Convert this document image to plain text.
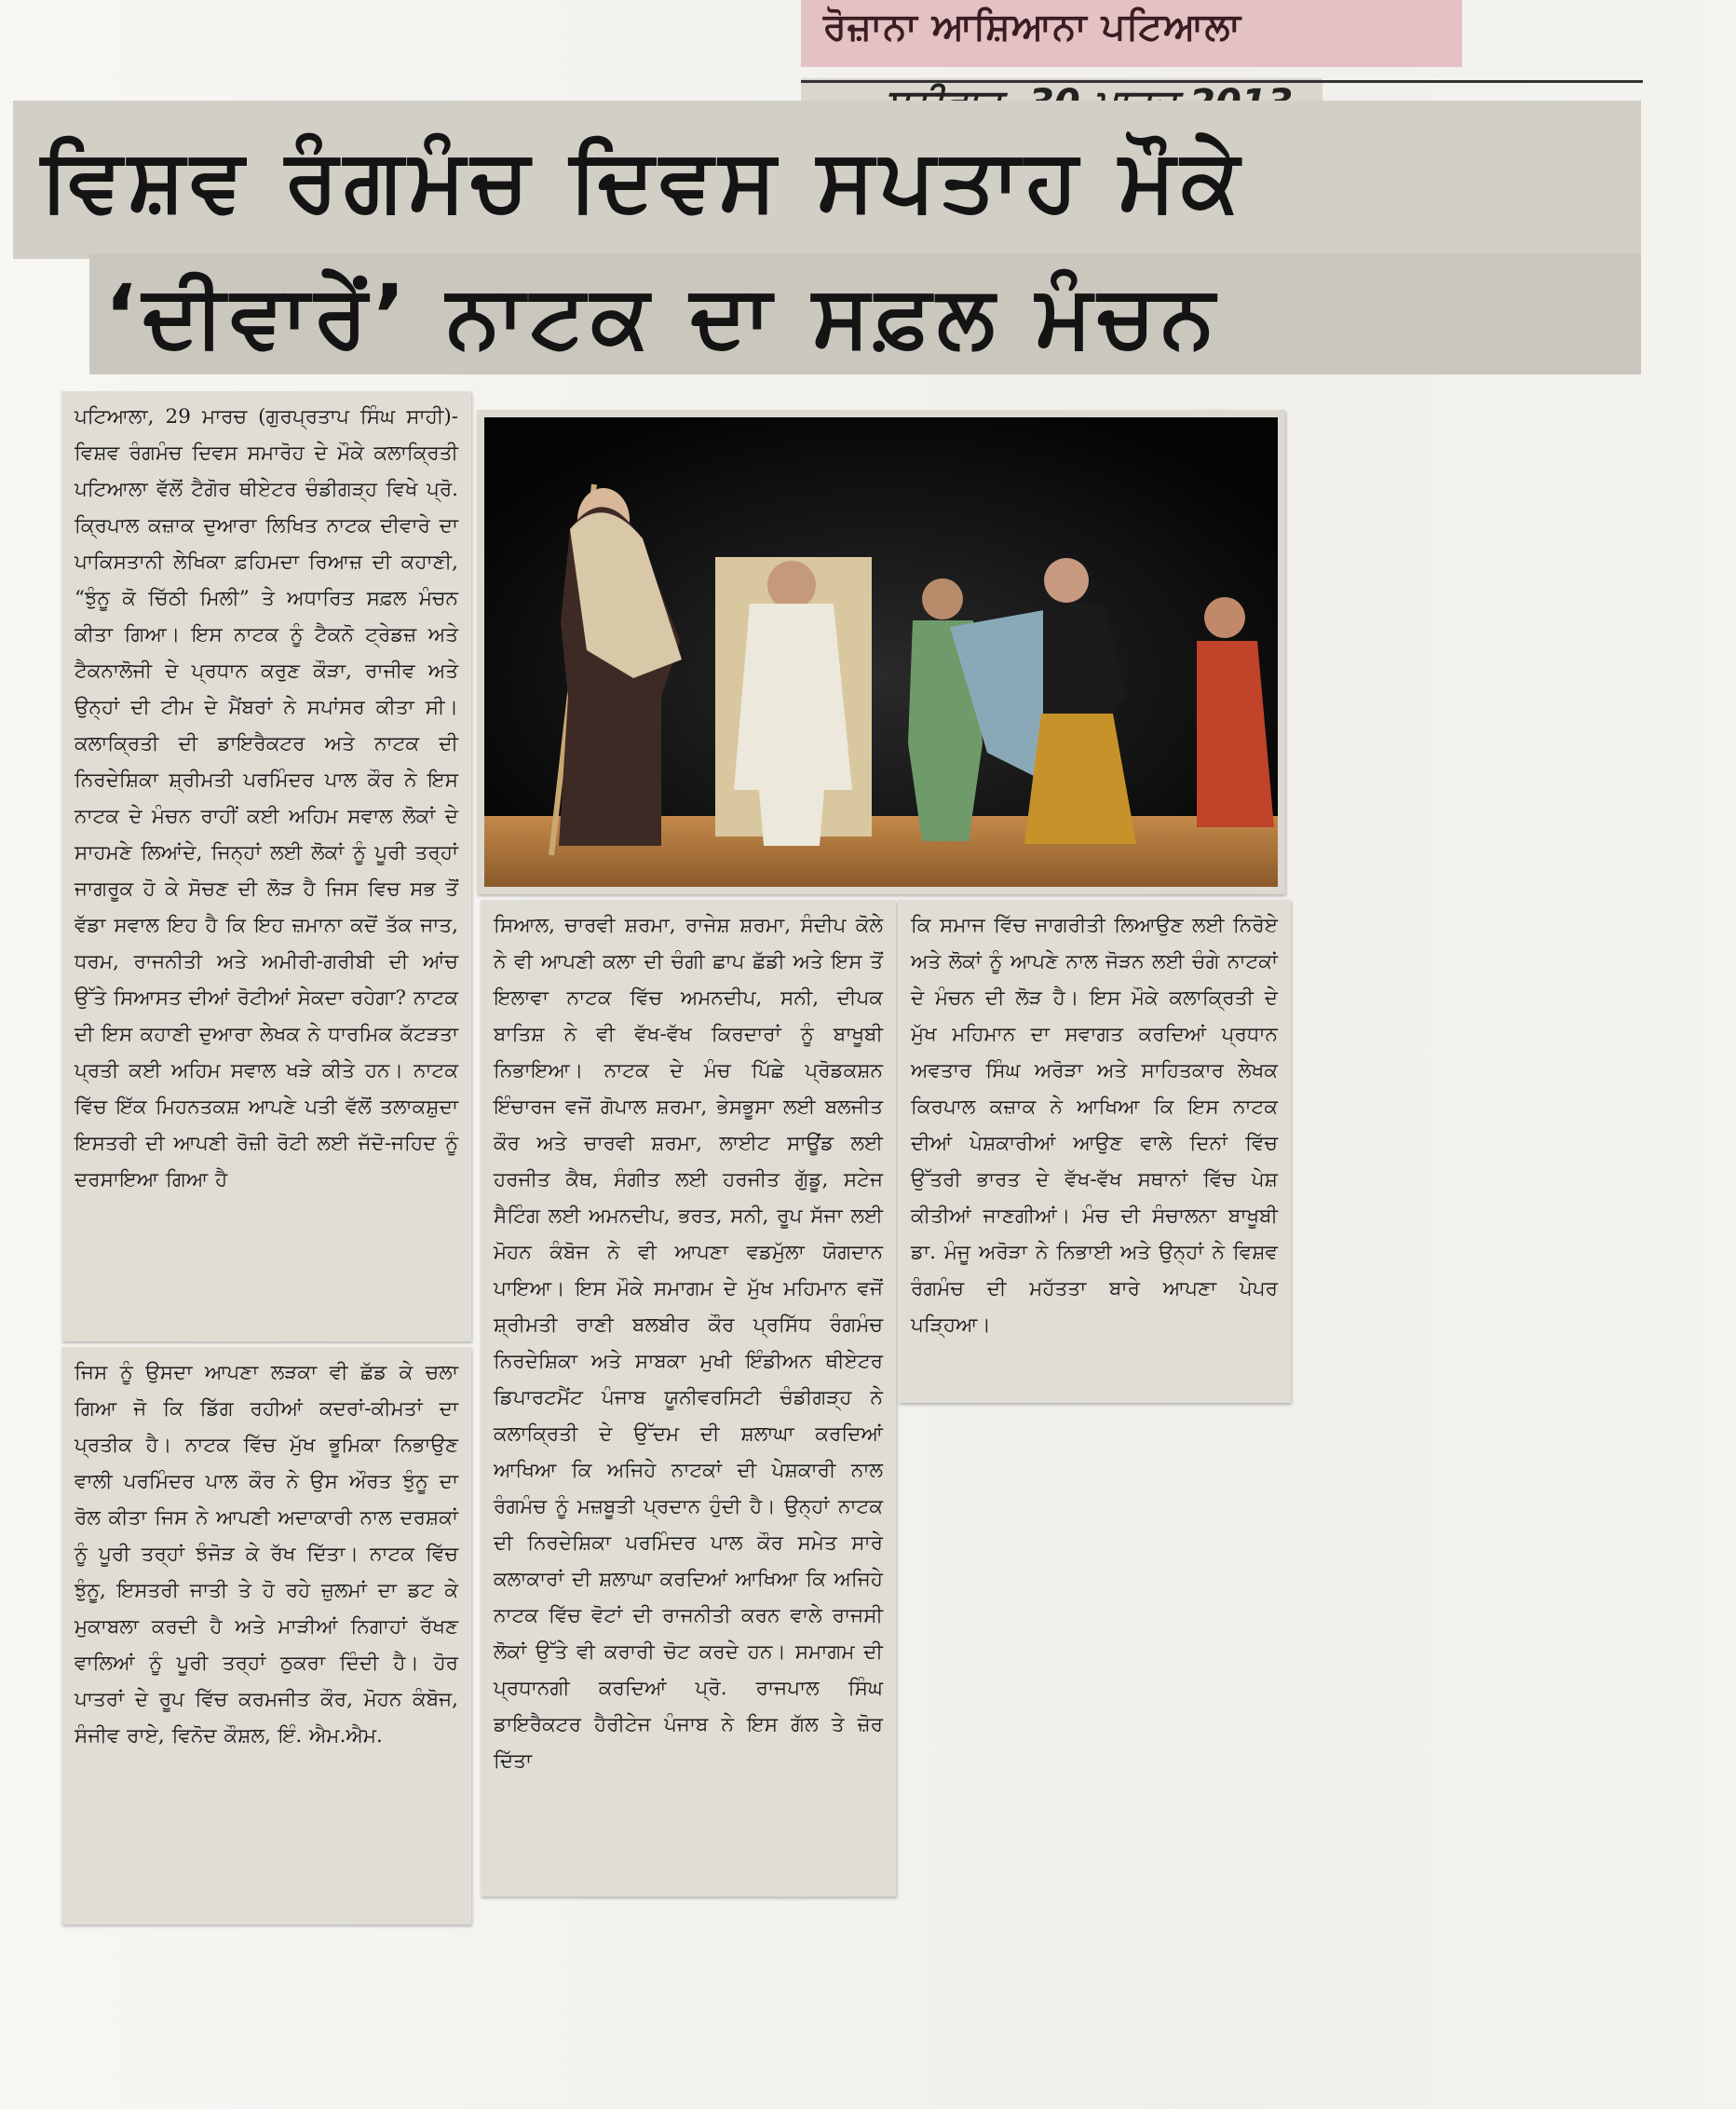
ਰੋਜ਼ਾਨਾ ਆਸ਼ਿਆਨਾ ਪਟਿਆਲਾ
ਵਿਸ਼ਵ ਰੰਗਮੰਚ ਦਿਵਸ ਸਪਤਾਹ ਮੌਕੇ
‘ਦੀਵਾਰੇਂ’ ਨਾਟਕ ਦਾ ਸਫ਼ਲ ਮੰਚਨ

ਪਟਿਆਲਾ, 29 ਮਾਰਚ (ਗੁਰਪ੍ਰਤਾਪ ਸਿੰਘ ਸਾਹੀ)-ਵਿਸ਼ਵ ਰੰਗਮੰਚ ਦਿਵਸ ਸਮਾਰੋਹ ਦੇ ਮੌਕੇ ਕਲਾਕ੍ਰਿਤੀ ਪਟਿਆਲਾ ਵੱਲੋਂ ਟੈਗੋਰ ਥੀਏਟਰ ਚੰਡੀਗੜ੍ਹ ਵਿਖੇ ਪ੍ਰੋ. ਕ੍ਰਿਪਾਲ ਕਜ਼ਾਕ ਦੁਆਰਾ ਲਿਖਿਤ ਨਾਟਕ ਦੀਵਾਰੇ ਦਾ ਪਾਕਿਸਤਾਨੀ ਲੇਖਿਕਾ ਫ਼ਹਿਮਦਾ ਰਿਆਜ਼ ਦੀ ਕਹਾਣੀ, “ਝੁੰਨੂ ਕੋ ਚਿੱਠੀ ਮਿਲੀ” ਤੇ ਅਧਾਰਿਤ ਸਫ਼ਲ ਮੰਚਨ ਕੀਤਾ ਗਿਆ। ਇਸ ਨਾਟਕ ਨੂੰ ਟੈਕਨੋ ਟ੍ਰੇਡਜ਼ ਅਤੇ ਟੈਕਨਾਲੋਜੀ ਦੇ ਪ੍ਰਧਾਨ ਕਰੁਣ ਕੌੜਾ, ਰਾਜੀਵ ਅਤੇ ਉਨ੍ਹਾਂ ਦੀ ਟੀਮ ਦੇ ਮੈਂਬਰਾਂ ਨੇ ਸਪਾਂਸਰ ਕੀਤਾ ਸੀ। ਕਲਾਕ੍ਰਿਤੀ ਦੀ ਡਾਇਰੈਕਟਰ ਅਤੇ ਨਾਟਕ ਦੀ ਨਿਰਦੇਸ਼ਿਕਾ ਸ਼੍ਰੀਮਤੀ ਪਰਮਿੰਦਰ ਪਾਲ ਕੌਰ ਨੇ ਇਸ ਨਾਟਕ ਦੇ ਮੰਚਨ ਰਾਹੀਂ ਕਈ ਅਹਿਮ ਸਵਾਲ ਲੋਕਾਂ ਦੇ ਸਾਹਮਣੇ ਲਿਆਂਦੇ, ਜਿਨ੍ਹਾਂ ਲਈ ਲੋਕਾਂ ਨੂੰ ਪੂਰੀ ਤਰ੍ਹਾਂ ਜਾਗਰੂਕ ਹੋ ਕੇ ਸੋਚਣ ਦੀ ਲੋੜ ਹੈ ਜਿਸ ਵਿਚ ਸਭ ਤੋਂ ਵੱਡਾ ਸਵਾਲ ਇਹ ਹੈ ਕਿ ਇਹ ਜ਼ਮਾਨਾ ਕਦੋਂ ਤੱਕ ਜਾਤ, ਧਰਮ, ਰਾਜਨੀਤੀ ਅਤੇ ਅਮੀਰੀ-ਗਰੀਬੀ ਦੀ ਆਂਚ ਉੱਤੇ ਸਿਆਸਤ ਦੀਆਂ ਰੋਟੀਆਂ ਸੇਕਦਾ ਰਹੇਗਾ? ਨਾਟਕ ਦੀ ਇਸ ਕਹਾਣੀ ਦੁਆਰਾ ਲੇਖਕ ਨੇ ਧਾਰਮਿਕ ਕੱਟੜਤਾ ਪ੍ਰਤੀ ਕਈ ਅਹਿਮ ਸਵਾਲ ਖੜੇ ਕੀਤੇ ਹਨ। ਨਾਟਕ ਵਿੱਚ ਇੱਕ ਮਿਹਨਤਕਸ਼ ਆਪਣੇ ਪਤੀ ਵੱਲੋਂ ਤਲਾਕਸ਼ੁਦਾ ਇਸਤਰੀ ਦੀ ਆਪਣੀ ਰੋਜ਼ੀ ਰੋਟੀ ਲਈ ਜੱਦੋ-ਜਹਿਦ ਨੂੰ ਦਰਸਾਇਆ ਗਿਆ ਹੈ

ਜਿਸ ਨੂੰ ਉਸਦਾ ਆਪਣਾ ਲੜਕਾ ਵੀ ਛੱਡ ਕੇ ਚਲਾ ਗਿਆ ਜੋ ਕਿ ਡਿੱਗ ਰਹੀਆਂ ਕਦਰਾਂ-ਕੀਮਤਾਂ ਦਾ ਪ੍ਰਤੀਕ ਹੈ। ਨਾਟਕ ਵਿੱਚ ਮੁੱਖ ਭੂਮਿਕਾ ਨਿਭਾਉਣ ਵਾਲੀ ਪਰਮਿੰਦਰ ਪਾਲ ਕੌਰ ਨੇ ਉਸ ਔਰਤ ਝੁੰਨੂ ਦਾ ਰੋਲ ਕੀਤਾ ਜਿਸ ਨੇ ਆਪਣੀ ਅਦਾਕਾਰੀ ਨਾਲ ਦਰਸ਼ਕਾਂ ਨੂੰ ਪੂਰੀ ਤਰ੍ਹਾਂ ਝੰਜੋੜ ਕੇ ਰੱਖ ਦਿੱਤਾ। ਨਾਟਕ ਵਿੱਚ ਝੁੰਨੂ, ਇਸਤਰੀ ਜਾਤੀ ਤੇ ਹੋ ਰਹੇ ਜ਼ੁਲਮਾਂ ਦਾ ਡਟ ਕੇ ਮੁਕਾਬਲਾ ਕਰਦੀ ਹੈ ਅਤੇ ਮਾੜੀਆਂ ਨਿਗਾਹਾਂ ਰੱਖਣ ਵਾਲਿਆਂ ਨੂੰ ਪੂਰੀ ਤਰ੍ਹਾਂ ਠੁਕਰਾ ਦਿੰਦੀ ਹੈ। ਹੋਰ ਪਾਤਰਾਂ ਦੇ ਰੂਪ ਵਿੱਚ ਕਰਮਜੀਤ ਕੌਰ, ਮੋਹਨ ਕੰਬੋਜ, ਸੰਜੀਵ ਰਾਏ, ਵਿਨੋਦ ਕੌਸ਼ਲ, ਇੰ. ਐਮ.ਐਮ.

ਸਿਆਲ, ਚਾਰਵੀ ਸ਼ਰਮਾ, ਰਾਜੇਸ਼ ਸ਼ਰਮਾ, ਸੰਦੀਪ ਕੋਲੇ ਨੇ ਵੀ ਆਪਣੀ ਕਲਾ ਦੀ ਚੰਗੀ ਛਾਪ ਛੱਡੀ ਅਤੇ ਇਸ ਤੋਂ ਇਲਾਵਾ ਨਾਟਕ ਵਿੱਚ ਅਮਨਦੀਪ, ਸਨੀ, ਦੀਪਕ ਬਾਤਿਸ਼ ਨੇ ਵੀ ਵੱਖ-ਵੱਖ ਕਿਰਦਾਰਾਂ ਨੂੰ ਬਾਖੂਬੀ ਨਿਭਾਇਆ। ਨਾਟਕ ਦੇ ਮੰਚ ਪਿੱਛੇ ਪ੍ਰੋਡਕਸ਼ਨ ਇੰਚਾਰਜ ਵਜੋਂ ਗੋਪਾਲ ਸ਼ਰਮਾ, ਭੇਸਭੂਸਾ ਲਈ ਬਲਜੀਤ ਕੌਰ ਅਤੇ ਚਾਰਵੀ ਸ਼ਰਮਾ, ਲਾਈਟ ਸਾਊਂਡ ਲਈ ਹਰਜੀਤ ਕੈਥ, ਸੰਗੀਤ ਲਈ ਹਰਜੀਤ ਗੁੱਡੂ, ਸਟੇਜ ਸੈਟਿੰਗ ਲਈ ਅਮਨਦੀਪ, ਭਰਤ, ਸਨੀ, ਰੂਪ ਸੱਜਾ ਲਈ ਮੋਹਨ ਕੰਬੋਜ ਨੇ ਵੀ ਆਪਣਾ ਵਡਮੁੱਲਾ ਯੋਗਦਾਨ ਪਾਇਆ। ਇਸ ਮੌਕੇ ਸਮਾਗਮ ਦੇ ਮੁੱਖ ਮਹਿਮਾਨ ਵਜੋਂ ਸ਼੍ਰੀਮਤੀ ਰਾਣੀ ਬਲਬੀਰ ਕੌਰ ਪ੍ਰਸਿੱਧ ਰੰਗਮੰਚ ਨਿਰਦੇਸ਼ਿਕਾ ਅਤੇ ਸਾਬਕਾ ਮੁਖੀ ਇੰਡੀਅਨ ਥੀਏਟਰ ਡਿਪਾਰਟਮੈਂਟ ਪੰਜਾਬ ਯੂਨੀਵਰਸਿਟੀ ਚੰਡੀਗੜ੍ਹ ਨੇ ਕਲਾਕ੍ਰਿਤੀ ਦੇ ਉੱਦਮ ਦੀ ਸ਼ਲਾਘਾ ਕਰਦਿਆਂ ਆਖਿਆ ਕਿ ਅਜਿਹੇ ਨਾਟਕਾਂ ਦੀ ਪੇਸ਼ਕਾਰੀ ਨਾਲ ਰੰਗਮੰਚ ਨੂੰ ਮਜ਼ਬੂਤੀ ਪ੍ਰਦਾਨ ਹੁੰਦੀ ਹੈ। ਉਨ੍ਹਾਂ ਨਾਟਕ ਦੀ ਨਿਰਦੇਸ਼ਿਕਾ ਪਰਮਿੰਦਰ ਪਾਲ ਕੌਰ ਸਮੇਤ ਸਾਰੇ ਕਲਾਕਾਰਾਂ ਦੀ ਸ਼ਲਾਘਾ ਕਰਦਿਆਂ ਆਖਿਆ ਕਿ ਅਜਿਹੇ ਨਾਟਕ ਵਿੱਚ ਵੋਟਾਂ ਦੀ ਰਾਜਨੀਤੀ ਕਰਨ ਵਾਲੇ ਰਾਜਸੀ ਲੋਕਾਂ ਉੱਤੇ ਵੀ ਕਰਾਰੀ ਚੋਟ ਕਰਦੇ ਹਨ। ਸਮਾਗਮ ਦੀ ਪ੍ਰਧਾਨਗੀ ਕਰਦਿਆਂ ਪ੍ਰੋ. ਰਾਜਪਾਲ ਸਿੰਘ ਡਾਇਰੈਕਟਰ ਹੈਰੀਟੇਜ ਪੰਜਾਬ ਨੇ ਇਸ ਗੱਲ ਤੇ ਜ਼ੋਰ ਦਿੱਤਾ

ਕਿ ਸਮਾਜ ਵਿੱਚ ਜਾਗਰੀਤੀ ਲਿਆਉਣ ਲਈ ਨਿਰੋਏ ਅਤੇ ਲੋਕਾਂ ਨੂੰ ਆਪਣੇ ਨਾਲ ਜੋੜਨ ਲਈ ਚੰਗੇ ਨਾਟਕਾਂ ਦੇ ਮੰਚਨ ਦੀ ਲੋੜ ਹੈ। ਇਸ ਮੌਕੇ ਕਲਾਕ੍ਰਿਤੀ ਦੇ ਮੁੱਖ ਮਹਿਮਾਨ ਦਾ ਸਵਾਗਤ ਕਰਦਿਆਂ ਪ੍ਰਧਾਨ ਅਵਤਾਰ ਸਿੰਘ ਅਰੋੜਾ ਅਤੇ ਸਾਹਿਤਕਾਰ ਲੇਖਕ ਕਿਰਪਾਲ ਕਜ਼ਾਕ ਨੇ ਆਖਿਆ ਕਿ ਇਸ ਨਾਟਕ ਦੀਆਂ ਪੇਸ਼ਕਾਰੀਆਂ ਆਉਣ ਵਾਲੇ ਦਿਨਾਂ ਵਿੱਚ ਉੱਤਰੀ ਭਾਰਤ ਦੇ ਵੱਖ-ਵੱਖ ਸਥਾਨਾਂ ਵਿੱਚ ਪੇਸ਼ ਕੀਤੀਆਂ ਜਾਣਗੀਆਂ। ਮੰਚ ਦੀ ਸੰਚਾਲਨਾ ਬਾਖੂਬੀ ਡਾ. ਮੰਜੂ ਅਰੋੜਾ ਨੇ ਨਿਭਾਈ ਅਤੇ ਉਨ੍ਹਾਂ ਨੇ ਵਿਸ਼ਵ ਰੰਗਮੰਚ ਦੀ ਮਹੱਤਤਾ ਬਾਰੇ ਆਪਣਾ ਪੇਪਰ ਪੜ੍ਹਿਆ।
